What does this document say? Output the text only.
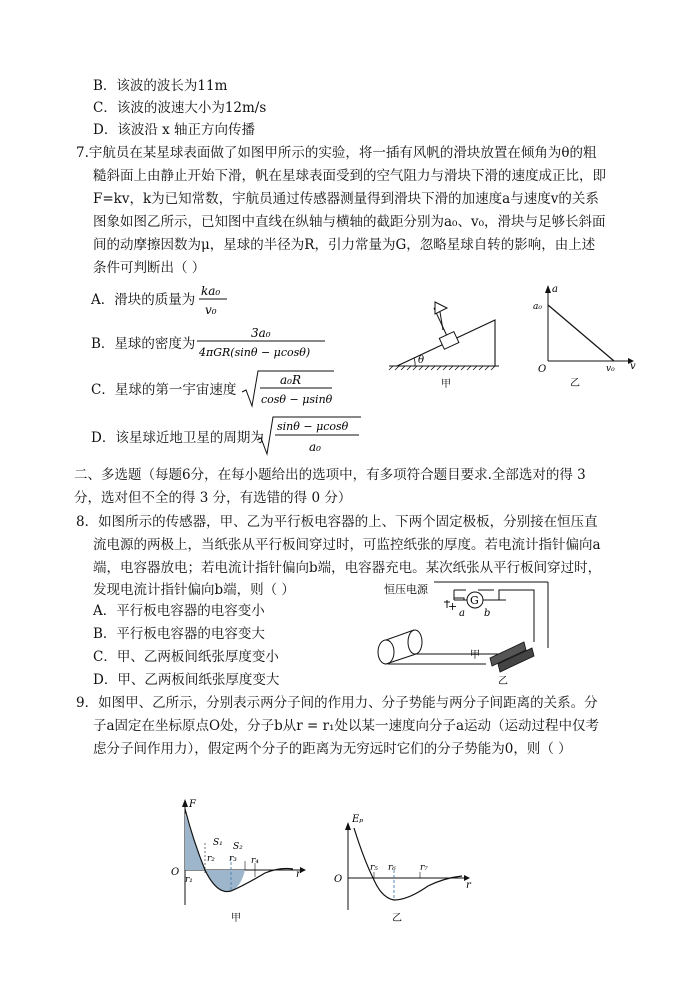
B．该波的波长为11m
C．该波的波速大小为12m/s
D．该波沿 x 轴正方向传播
7.宇航员在某星球表面做了如图甲所示的实验，将一插有风帆的滑块放置在倾角为θ的粗
糙斜面上由静止开始下滑，帆在星球表面受到的空气阻力与滑块下滑的速度成正比，即
F=kv，k为已知常数，宇航员通过传感器测量得到滑块下滑的加速度a与速度v的关系
图象如图乙所示，已知图中直线在纵轴与横轴的截距分别为a₀、v₀，滑块与足够长斜面
间的动摩擦因数为μ，星球的半径为R，引力常量为G，忽略星球自转的影响，由上述
条件可判断出（ ）
A．滑块的质量为
ka₀
v₀
B．星球的密度为
3a₀
4πGR(sinθ − μcosθ)
C．星球的第一宇宙速度
a₀R
cosθ − μsinθ
D．该星球近地卫星的周期为
sinθ − μcosθ
a₀
θ
甲
a
a₀
O	v₀ v
乙
二、多选题（每题6分，在每小题给出的选项中，有多项符合题目要求.全部选对的得 3
分，选对但不全的得 3 分，有选错的得 0 分）
8．如图所示的传感器，甲、乙为平行板电容器的上、下两个固定极板，分别接在恒压直
流电源的两极上，当纸张从平行板间穿过时，可监控纸张的厚度。若电流计指针偏向a
端，电容器放电；若电流计指针偏向b端，电容器充电。某次纸张从平行板间穿过时，
发现电流计指针偏向b端，则（ ）
A．平行板电容器的电容变小
B．平行板电容器的电容变大
C．甲、乙两板间纸张厚度变小
D．甲、乙两板间纸张厚度变大
恒压电源
+ G
a b
甲
乙
9．如图甲、乙所示，分别表示两分子间的作用力、分子势能与两分子间距离的关系。分
子a固定在坐标原点O处，分子b从r = r₁处以某一速度向分子a运动（运动过程中仅考
虑分子间作用力），假定两个分子的距离为无穷远时它们的分子势能为0，则（ ）
F
O
r₁
r₂ r₃ r₄
S₁ S₂
r
甲
Eₚ
O
r₅ r₆	r₇
r
乙
